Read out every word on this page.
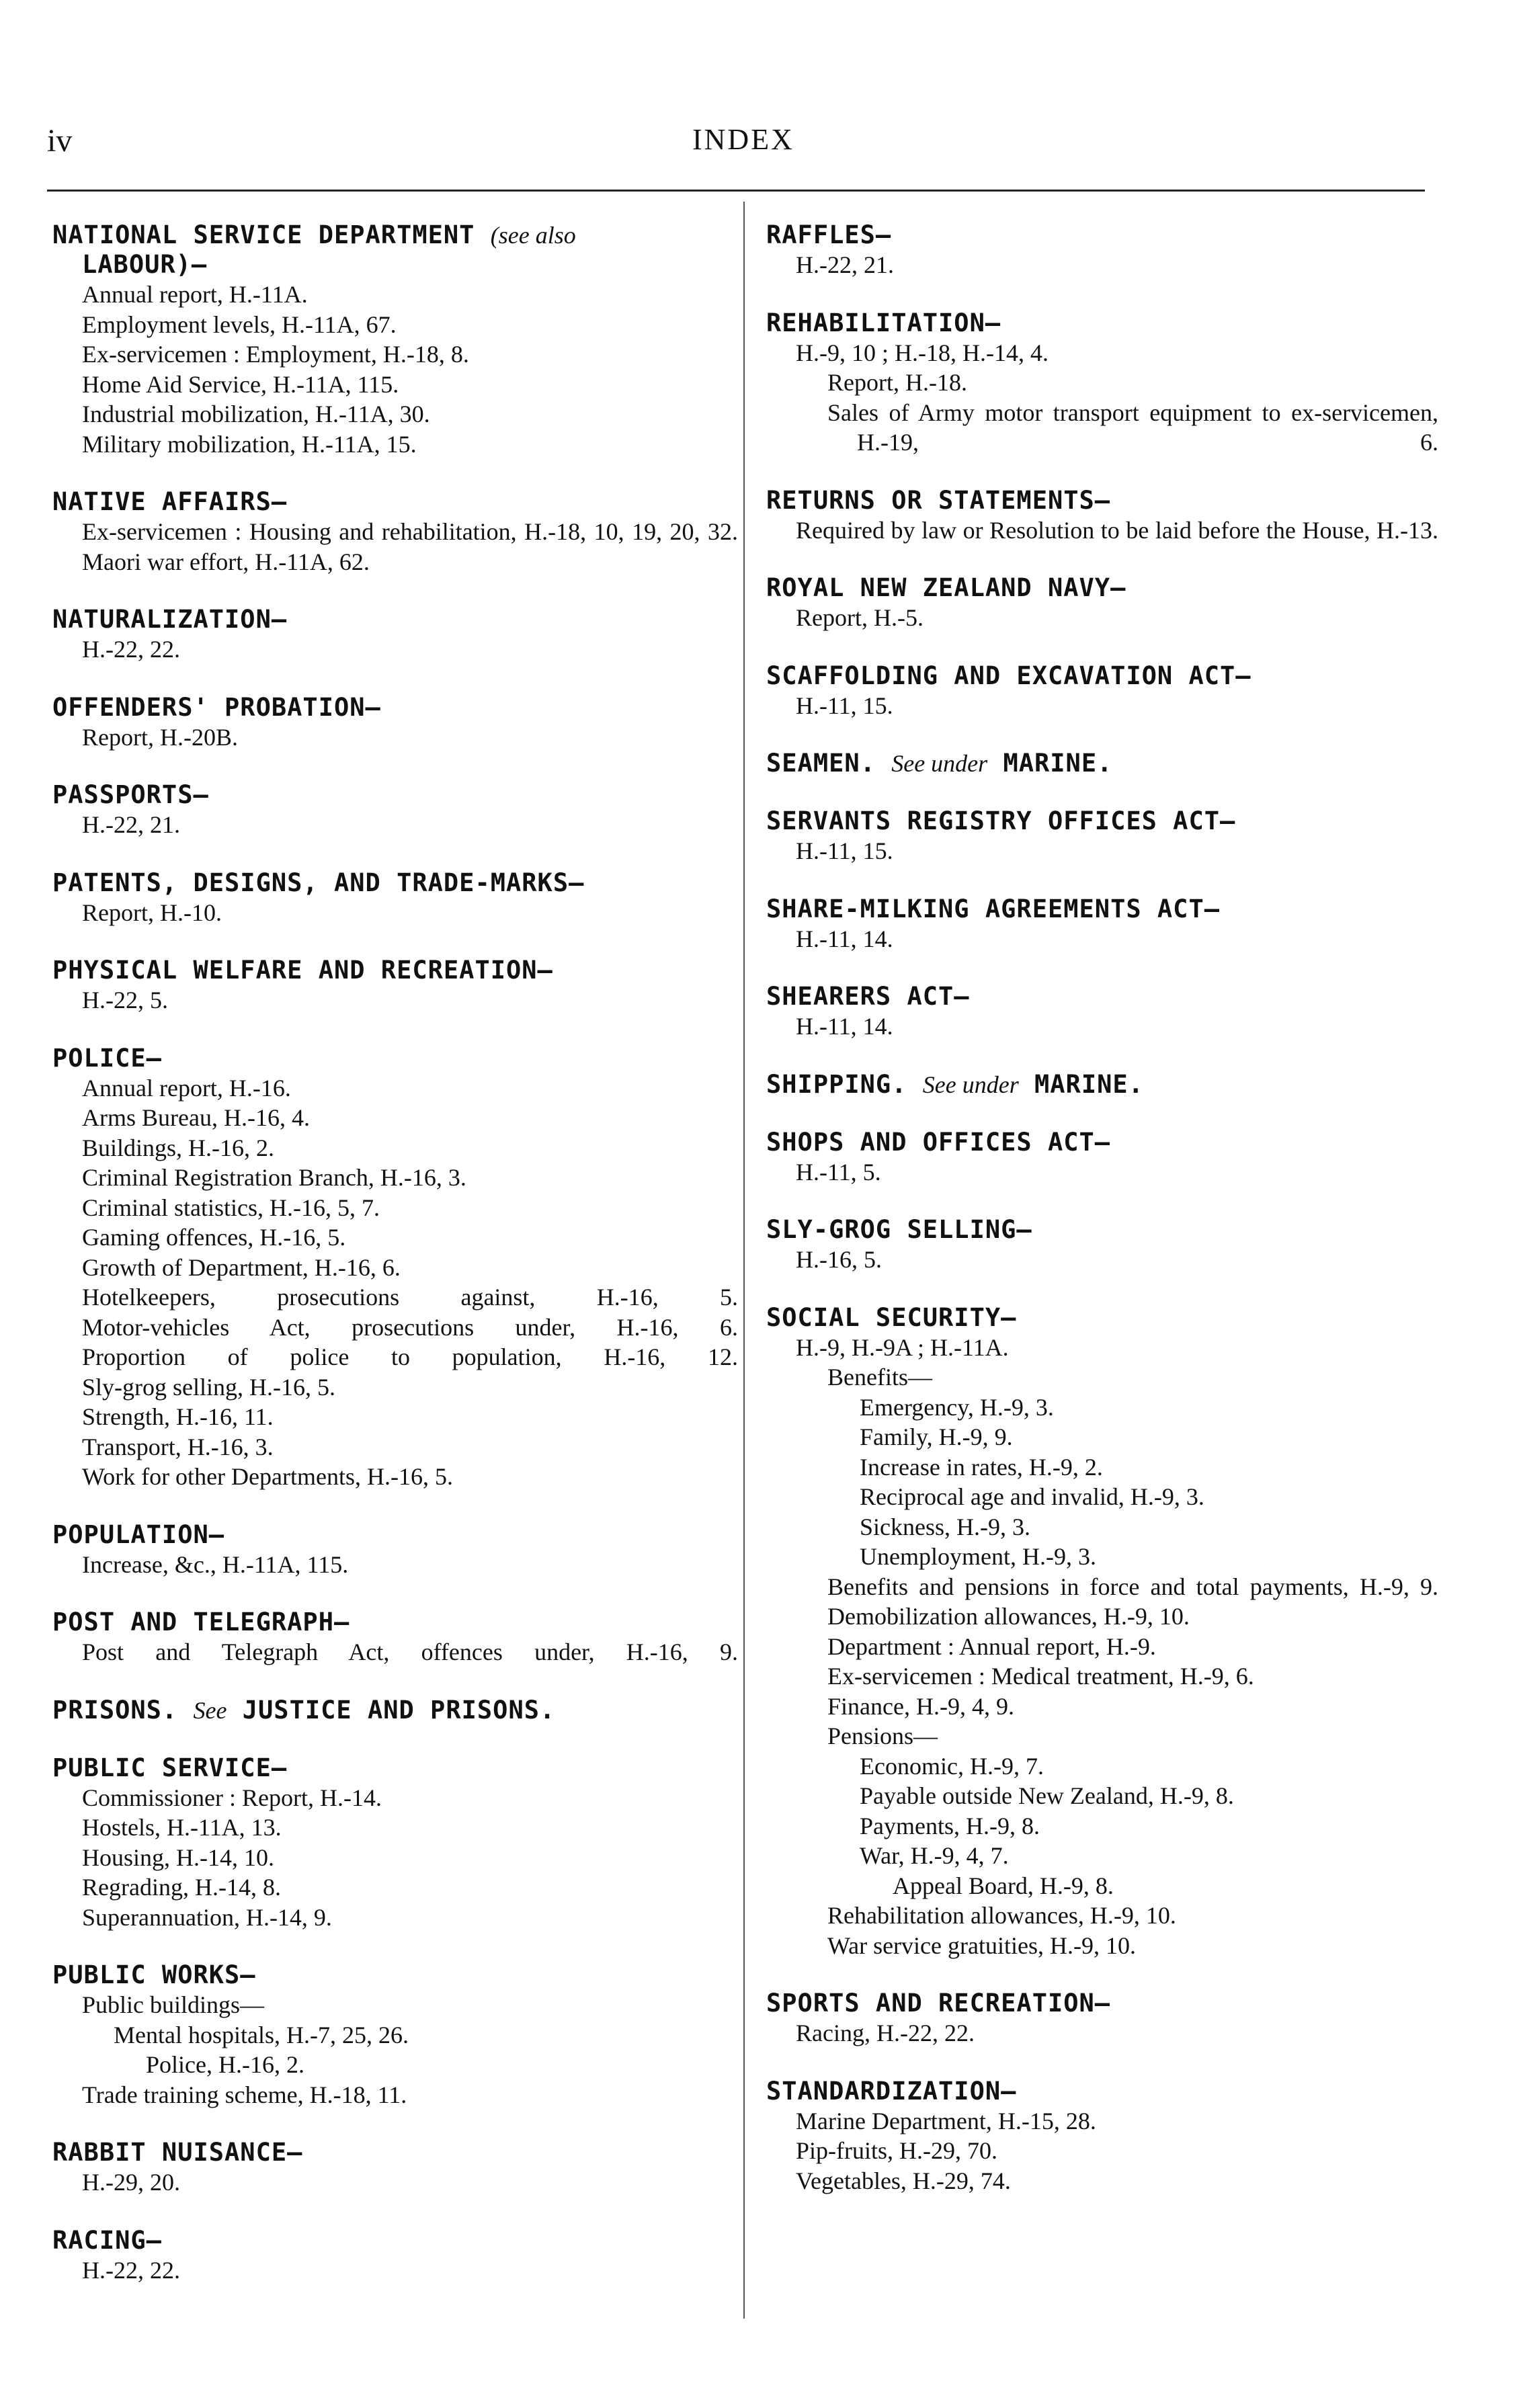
iv	INDEX
NATIONAL SERVICE DEPARTMENT (see also
LABOUR)—
Annual report, H.-11A.
Employment levels, H.-11A, 67.
Ex-servicemen : Employment, H.-18, 8.
Home Aid Service, H.-11A, 115.
Industrial mobilization, H.-11A, 30.
Military mobilization, H.-11A, 15.
NATIVE AFFAIRS—
Ex-servicemen : Housing and rehabilitation, H.-18, 10, 19, 20, 32.
Maori war effort, H.-11A, 62.
NATURALIZATION—
H.-22, 22.
OFFENDERS' PROBATION—
Report, H.-20B.
PASSPORTS—
H.-22, 21.
PATENTS, DESIGNS, AND TRADE-MARKS—
Report, H.-10.
PHYSICAL WELFARE AND RECREATION—
H.-22, 5.
POLICE—
Annual report, H.-16.
Arms Bureau, H.-16, 4.
Buildings, H.-16, 2.
Criminal Registration Branch, H.-16, 3.
Criminal statistics, H.-16, 5, 7.
Gaming offences, H.-16, 5.
Growth of Department, H.-16, 6.
Hotelkeepers, prosecutions against, H.-16, 5.
Motor-vehicles Act, prosecutions under, H.-16, 6.
Proportion of police to population, H.-16, 12.
Sly-grog selling, H.-16, 5.
Strength, H.-16, 11.
Transport, H.-16, 3.
Work for other Departments, H.-16, 5.
POPULATION—
Increase, &c., H.-11A, 115.
POST AND TELEGRAPH—
Post and Telegraph Act, offences under, H.-16, 9.
PRISONS. See JUSTICE AND PRISONS.
PUBLIC SERVICE—
Commissioner : Report, H.-14.
Hostels, H.-11A, 13.
Housing, H.-14, 10.
Regrading, H.-14, 8.
Superannuation, H.-14, 9.
PUBLIC WORKS—
Public buildings—
Mental hospitals, H.-7, 25, 26.
Police, H.-16, 2.
Trade training scheme, H.-18, 11.
RABBIT NUISANCE—
H.-29, 20.
RACING—
H.-22, 22.
RAFFLES—
H.-22, 21.
REHABILITATION—
H.-9, 10 ; H.-18, H.-14, 4.
Report, H.-18.
Sales of Army motor transport equipment to ex-servicemen, H.-19, 6.
RETURNS OR STATEMENTS—
Required by law or Resolution to be laid before the House, H.-13.
ROYAL NEW ZEALAND NAVY—
Report, H.-5.
SCAFFOLDING AND EXCAVATION ACT—
H.-11, 15.
SEAMEN. See under MARINE.
SERVANTS REGISTRY OFFICES ACT—
H.-11, 15.
SHARE-MILKING AGREEMENTS ACT—
H.-11, 14.
SHEARERS ACT—
H.-11, 14.
SHIPPING. See under MARINE.
SHOPS AND OFFICES ACT—
H.-11, 5.
SLY-GROG SELLING—
H.-16, 5.
SOCIAL SECURITY—
H.-9, H.-9A ; H.-11A.
Benefits—
Emergency, H.-9, 3.
Family, H.-9, 9.
Increase in rates, H.-9, 2.
Reciprocal age and invalid, H.-9, 3.
Sickness, H.-9, 3.
Unemployment, H.-9, 3.
Benefits and pensions in force and total payments, H.-9, 9.
Demobilization allowances, H.-9, 10.
Department : Annual report, H.-9.
Ex-servicemen : Medical treatment, H.-9, 6.
Finance, H.-9, 4, 9.
Pensions—
Economic, H.-9, 7.
Payable outside New Zealand, H.-9, 8.
Payments, H.-9, 8.
War, H.-9, 4, 7.
Appeal Board, H.-9, 8.
Rehabilitation allowances, H.-9, 10.
War service gratuities, H.-9, 10.
SPORTS AND RECREATION—
Racing, H.-22, 22.
STANDARDIZATION—
Marine Department, H.-15, 28.
Pip-fruits, H.-29, 70.
Vegetables, H.-29, 74.
